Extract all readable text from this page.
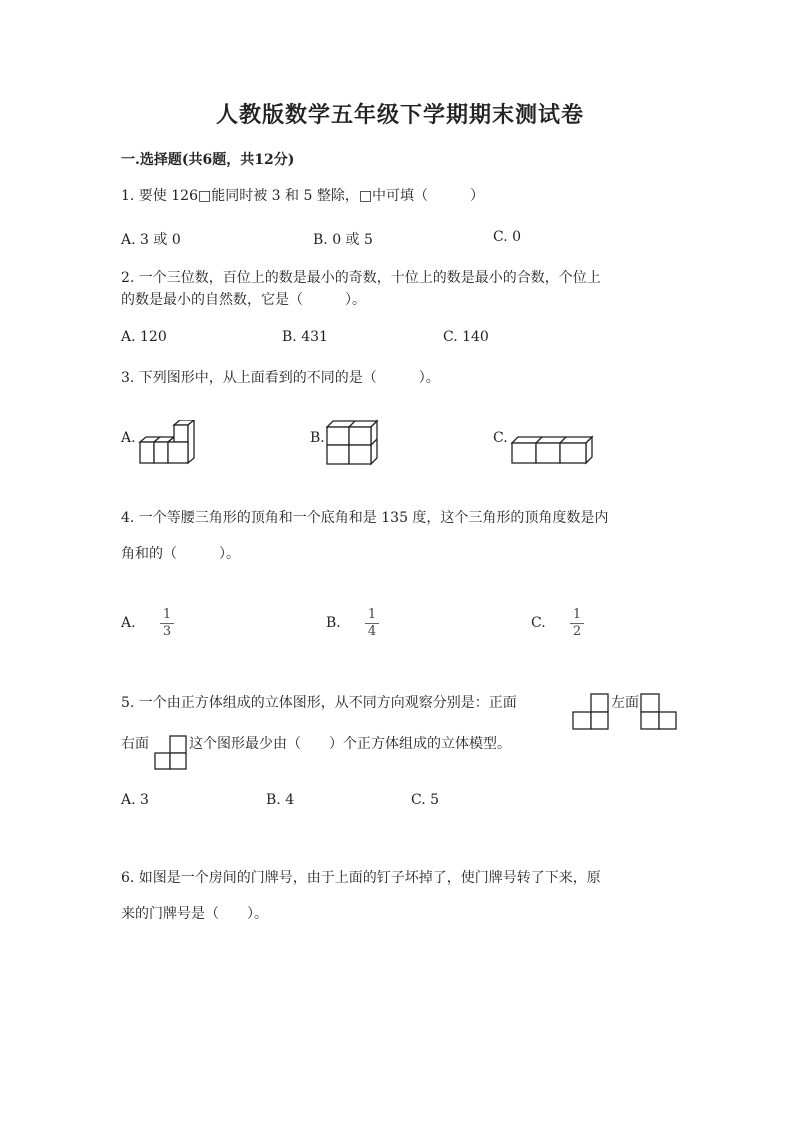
人教版数学五年级下学期期末测试卷
一.选择题(共6题，共12分)
1. 要使 126□能同时被 3 和 5 整除，□中可填（　　　）
A. 3 或 0	B. 0 或 5	C. 0
2. 一个三位数，百位上的数是最小的奇数，十位上的数是最小的合数，个位上
的数是最小的自然数，它是（　　　）。
A. 120	B. 431	C. 140
3. 下列图形中，从上面看到的不同的是（　　　）。
A.	B.	C.
4. 一个等腰三角形的顶角和一个底角和是 135 度，这个三角形的顶角度数是内
角和的（　　　）。
A.	B.	C.
1
3
1
4
1
2
5. 一个由正方体组成的立体图形，从不同方向观察分别是：正面	左面
右面	这个图形最少由（　　）个正方体组成的立体模型。
A. 3	B. 4	C. 5
6. 如图是一个房间的门牌号，由于上面的钉子坏掉了，使门牌号转了下来，原
来的门牌号是（　　）。
